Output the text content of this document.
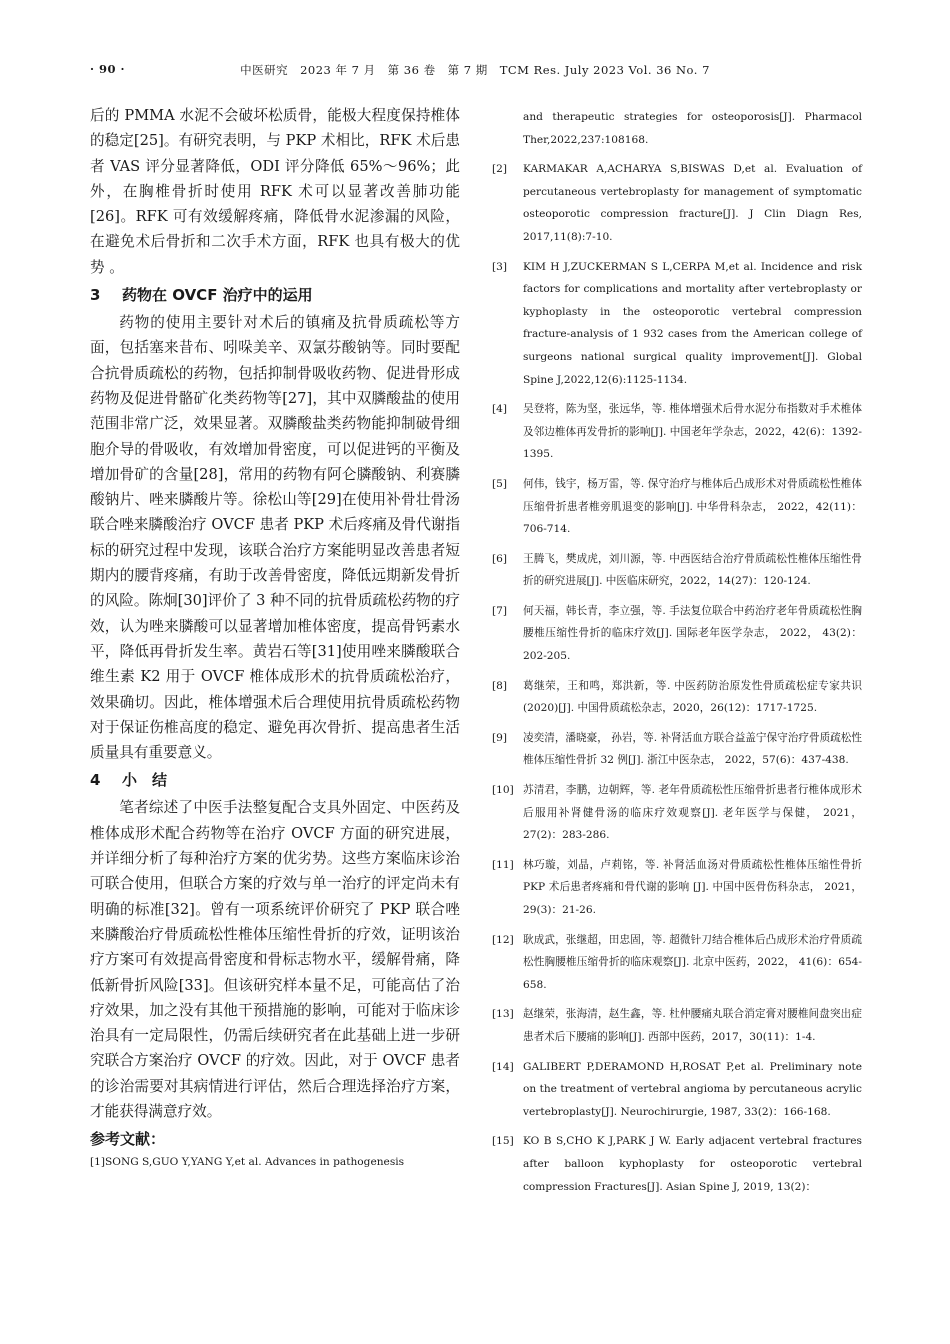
· 90 ·	中医研究　2023 年 7 月　第 36 卷　第 7 期　TCM Res. July 2023 Vol. 36 No. 7

后的 PMMA 水泥不会破坏松质骨，能极大程度保持椎体的稳定[25]。有研究表明，与 PKP 术相比，RFK 术后患者 VAS 评分显著降低，ODI 评分降低 65%～96%；此外，在胸椎骨折时使用 RFK 术可以显著改善肺功能[26]。RFK 可有效缓解疼痛，降低骨水泥渗漏的风险，在避免术后骨折和二次手术方面，RFK 也具有极大的优势 。

3 药物在 OVCF 治疗中的运用

药物的使用主要针对术后的镇痛及抗骨质疏松等方面，包括塞来昔布、吲哚美辛、双氯芬酸钠等。同时要配合抗骨质疏松的药物，包括抑制骨吸收药物、促进骨形成药物及促进骨骼矿化类药物等[27]，其中双膦酸盐的使用范围非常广泛，效果显著。双膦酸盐类药物能抑制破骨细胞介导的骨吸收，有效增加骨密度，可以促进钙的平衡及增加骨矿的含量[28]，常用的药物有阿仑膦酸钠、利赛膦酸钠片、唑来膦酸片等。徐松山等[29]在使用补骨壮骨汤联合唑来膦酸治疗 OVCF 患者 PKP 术后疼痛及骨代谢指标的研究过程中发现，该联合治疗方案能明显改善患者短期内的腰背疼痛，有助于改善骨密度，降低远期新发骨折的风险。陈炯[30]评价了 3 种不同的抗骨质疏松药物的疗效，认为唑来膦酸可以显著增加椎体密度，提高骨钙素水平，降低再骨折发生率。黄岩石等[31]使用唑来膦酸联合维生素 K2 用于 OVCF 椎体成形术的抗骨质疏松治疗，效果确切。因此，椎体增强术后合理使用抗骨质疏松药物对于保证伤椎高度的稳定、避免再次骨折、提高患者生活质量具有重要意义。

4 小　结

笔者综述了中医手法整复配合支具外固定、中医药及椎体成形术配合药物等在治疗 OVCF 方面的研究进展，并详细分析了每种治疗方案的优劣势。这些方案临床诊治可联合使用，但联合方案的疗效与单一治疗的评定尚未有明确的标准[32]。曾有一项系统评价研究了 PKP 联合唑来膦酸治疗骨质疏松性椎体压缩性骨折的疗效，证明该治疗方案可有效提高骨密度和骨标志物水平，缓解骨痛，降低新骨折风险[33]。但该研究样本量不足，可能高估了治疗效果，加之没有其他干预措施的影响，可能对于临床诊治具有一定局限性，仍需后续研究者在此基础上进一步研究联合方案治疗 OVCF 的疗效。因此，对于 OVCF 患者的诊治需要对其病情进行评估，然后合理选择治疗方案，才能获得满意疗效。

参考文献：

[1]SONG S,GUO Y,YANG Y,et al. Advances in pathogenesis

and therapeutic strategies for osteoporosis[J]. Pharmacol Ther,2022,237:108168.
[2] KARMAKAR A,ACHARYA S,BISWAS D,et al. Evaluation of percutaneous vertebroplasty for management of symptomatic osteoporotic compression fracture[J]. J Clin Diagn Res, 2017,11(8):7-10.
[3] KIM H J,ZUCKERMAN S L,CERPA M,et al. Incidence and risk factors for complications and mortality after vertebroplasty or kyphoplasty in the osteoporotic vertebral compression fracture-analysis of 1 932 cases from the American college of surgeons national surgical quality improvement[J]. Global Spine J,2022,12(6):1125-1134.
[4] 吴登将，陈为坚，张远华，等. 椎体增强术后骨水泥分布指数对手术椎体及邻边椎体再发骨折的影响[J]. 中国老年学杂志，2022，42(6)：1392-1395.
[5] 何伟，钱宇，杨万雷，等. 保守治疗与椎体后凸成形术对骨质疏松性椎体压缩骨折患者椎旁肌退变的影响[J]. 中华骨科杂志， 2022，42(11)：706-714.
[6] 王腾飞，樊成虎，刘川源，等. 中西医结合治疗骨质疏松性椎体压缩性骨折的研究进展[J]. 中医临床研究，2022，14(27)：120-124.
[7] 何天福，韩长青，李立强，等. 手法复位联合中药治疗老年骨质疏松性胸腰椎压缩性骨折的临床疗效[J]. 国际老年医学杂志， 2022， 43(2)：202-205.
[8] 葛继荣，王和鸣，郑洪新，等. 中医药防治原发性骨质疏松症专家共识(2020)[J]. 中国骨质疏松杂志，2020，26(12)：1717-1725.
[9] 凌奕清，潘晓豪， 孙岩，等. 补肾活血方联合益盖宁保守治疗骨质疏松性椎体压缩性骨折 32 例[J]. 浙江中医杂志， 2022，57(6)：437-438.
[10] 苏清君，李鹏，边朝辉，等. 老年骨质疏松性压缩骨折患者行椎体成形术后服用补肾健骨汤的临床疗效观察[J]. 老年医学与保健， 2021，27(2)：283-286.
[11] 林巧璇，刘晶，卢莉铭，等. 补肾活血汤对骨质疏松性椎体压缩性骨折 PKP 术后患者疼痛和骨代谢的影响 [J]. 中国中医骨伤科杂志， 2021，29(3)：21-26.
[12] 耿成武，张继超，田忠固，等. 超微针刀结合椎体后凸成形术治疗骨质疏松性胸腰椎压缩骨折的临床观察[J]. 北京中医药，2022， 41(6)：654-658.
[13] 赵继荣，张海清，赵生鑫，等. 杜仲腰痛丸联合消定膏对腰椎间盘突出症患者术后下腰痛的影响[J]. 西部中医药，2017，30(11)：1-4.
[14] GALIBERT P,DERAMOND H,ROSAT P,et al. Preliminary note on the treatment of vertebral angioma by percutaneous acrylic vertebroplasty[J]. Neurochirurgie, 1987, 33(2)：166-168.
[15] KO B S,CHO K J,PARK J W. Early adjacent vertebral fractures after balloon kyphoplasty for osteoporotic vertebral compression Fractures[J]. Asian Spine J, 2019, 13(2)：
